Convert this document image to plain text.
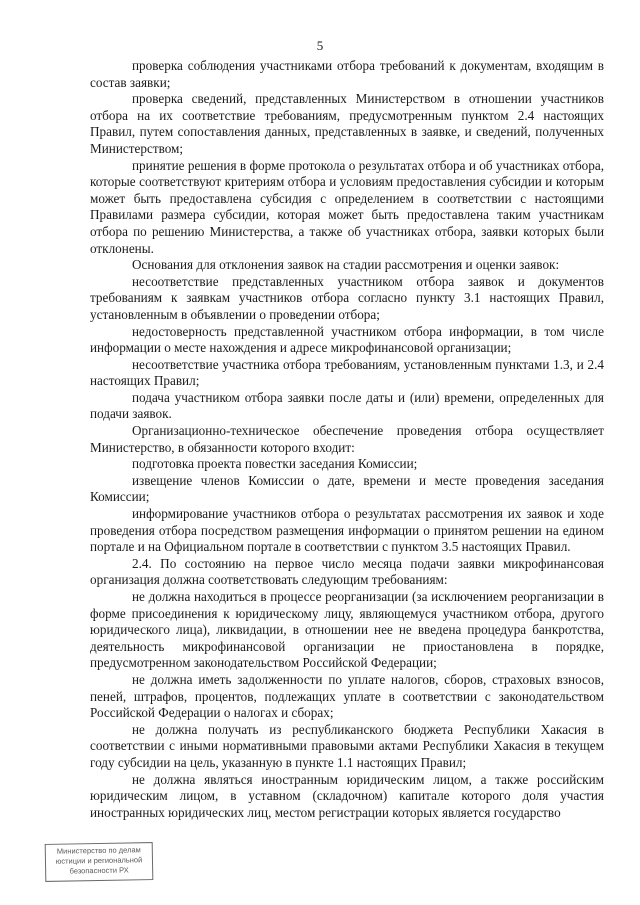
5

проверка соблюдения участниками отбора требований к документам, входящим в состав заявки;

проверка сведений, представленных Министерством в отношении участников отбора на их соответствие требованиям, предусмотренным пунктом 2.4 настоящих Правил, путем сопоставления данных, представленных в заявке, и сведений, полученных Министерством;

принятие решения в форме протокола о результатах отбора и об участниках отбора, которые соответствуют критериям отбора и условиям предоставления субсидии и которым может быть предоставлена субсидия с определением в соответствии с настоящими Правилами размера субсидии, которая может быть предоставлена таким участникам отбора по решению Министерства, а также об участниках отбора, заявки которых были отклонены.

Основания для отклонения заявок на стадии рассмотрения и оценки заявок:

несоответствие представленных участником отбора заявок и документов требованиям к заявкам участников отбора согласно пункту 3.1 настоящих Правил, установленным в объявлении о проведении отбора;

недостоверность представленной участником отбора информации, в том числе информации о месте нахождения и адресе микрофинансовой организации;

несоответствие участника отбора требованиям, установленным пунктами 1.3, и 2.4 настоящих Правил;

подача участником отбора заявки после даты и (или) времени, определенных для подачи заявок.

Организационно-техническое обеспечение проведения отбора осуществляет Министерство, в обязанности которого входит:

подготовка проекта повестки заседания Комиссии;

извещение членов Комиссии о дате, времени и месте проведения заседания Комиссии;

информирование участников отбора о результатах рассмотрения их заявок и ходе проведения отбора посредством размещения информации о принятом решении на едином портале и на Официальном портале в соответствии с пунктом 3.5 настоящих Правил.

2.4. По состоянию на первое число месяца подачи заявки микрофинансовая организация должна соответствовать следующим требованиям:

не должна находиться в процессе реорганизации (за исключением реорганизации в форме присоединения к юридическому лицу, являющемуся участником отбора, другого юридического лица), ликвидации, в отношении нее не введена процедура банкротства, деятельность микрофинансовой организации не приостановлена в порядке, предусмотренном законодательством Российской Федерации;

не должна иметь задолженности по уплате налогов, сборов, страховых взносов, пеней, штрафов, процентов, подлежащих уплате в соответствии с законодательством Российской Федерации о налогах и сборах;

не должна получать из республиканского бюджета Республики Хакасия в соответствии с иными нормативными правовыми актами Республики Хакасия в текущем году субсидии на цель, указанную в пункте 1.1 настоящих Правил;

не должна являться иностранным юридическим лицом, а также российским юридическим лицом, в уставном (складочном) капитале которого доля участия иностранных юридических лиц, местом регистрации которых является государство

Министерство по делам
юстиции и региональной
безопасности РХ
